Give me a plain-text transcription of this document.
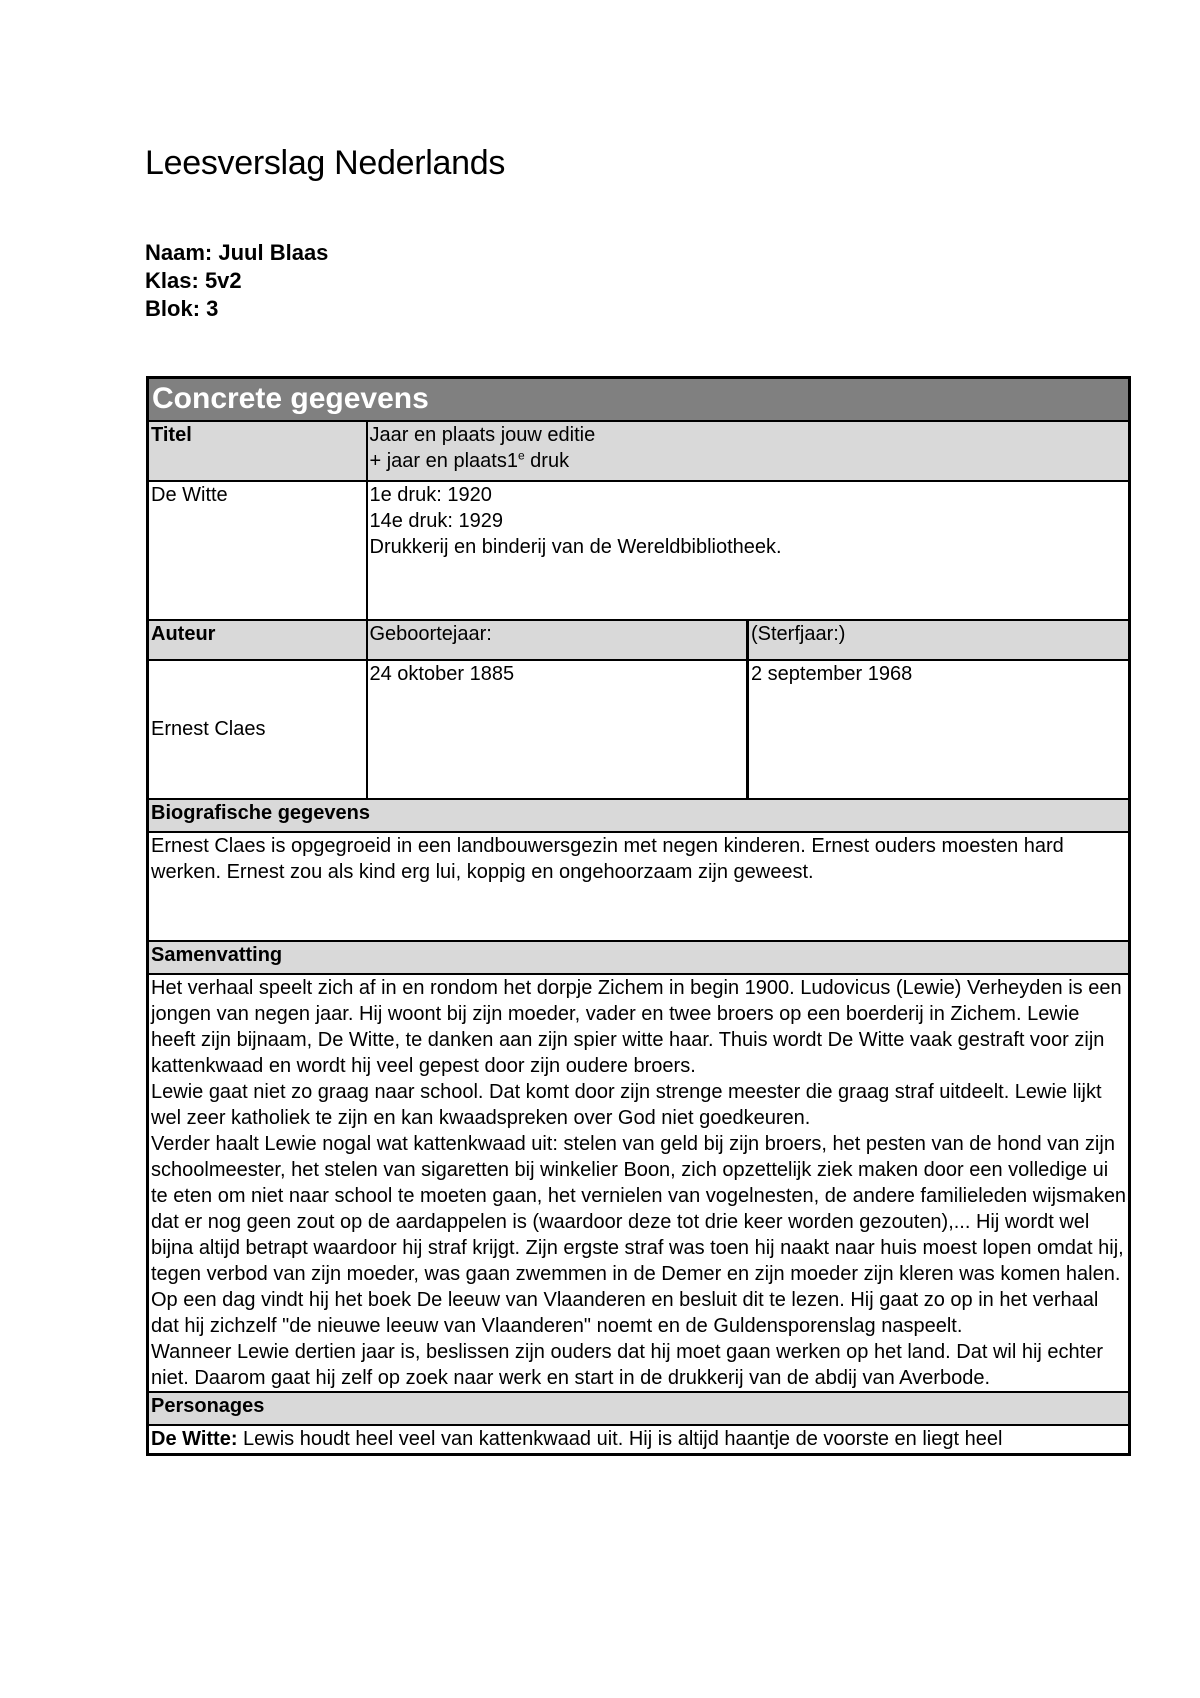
Leesverslag Nederlands
Naam: Juul Blaas
Klas: 5v2
Blok: 3
Concrete gegevens		
Titel	Jaar en plaats jouw editie
+ jaar en plaats1e druk	

De Witte	1e druk: 1920
14e druk: 1929
Drukkerij en binderij van de Wereldbibliotheek.	

Auteur	Geboortejaar:	(Sterfjaar:)
Ernest Claes	24 oktober 1885	2 september 1968
Biografische gegevens		
Ernest Claes is opgegroeid in een landbouwersgezin met negen kinderen. Ernest ouders moesten hard werken. Ernest zou als kind erg lui, koppig en ongehoorzaam zijn geweest.		
Samenvatting		

Het verhaal speelt zich af in en rondom het dorpje Zichem in begin 1900. Ludovicus (Lewie) Verheyden is een jongen van negen jaar. Hij woont bij zijn moeder, vader en twee broers op een boerderij in Zichem. Lewie heeft zijn bijnaam, De Witte, te danken aan zijn spier witte haar. Thuis wordt De Witte vaak gestraft voor zijn kattenkwaad en wordt hij veel gepest door zijn oudere broers.

Lewie gaat niet zo graag naar school. Dat komt door zijn strenge meester die graag straf uitdeelt. Lewie lijkt wel zeer katholiek te zijn en kan kwaadspreken over God niet goedkeuren.

Verder haalt Lewie nogal wat kattenkwaad uit: stelen van geld bij zijn broers, het pesten van de hond van zijn schoolmeester, het stelen van sigaretten bij winkelier Boon, zich opzettelijk ziek maken door een volledige ui te eten om niet naar school te moeten gaan, het vernielen van vogelnesten, de andere familieleden wijsmaken dat er nog geen zout op de aardappelen is (waardoor deze tot drie keer worden gezouten),... Hij wordt wel bijna altijd betrapt waardoor hij straf krijgt. Zijn ergste straf was toen hij naakt naar huis moest lopen omdat hij, tegen verbod van zijn moeder, was gaan zwemmen in de Demer en zijn moeder zijn kleren was komen halen.

Op een dag vindt hij het boek De leeuw van Vlaanderen en besluit dit te lezen. Hij gaat zo op in het verhaal dat hij zichzelf "de nieuwe leeuw van Vlaanderen" noemt en de Guldensporenslag naspeelt.

Wanneer Lewie dertien jaar is, beslissen zijn ouders dat hij moet gaan werken op het land. Dat wil hij echter niet. Daarom gaat hij zelf op zoek naar werk en start in de drukkerij van de abdij van Averbode.		

Personages		
De Witte: Lewis houdt heel veel van kattenkwaad uit. Hij is altijd haantje de voorste en liegt heel		
